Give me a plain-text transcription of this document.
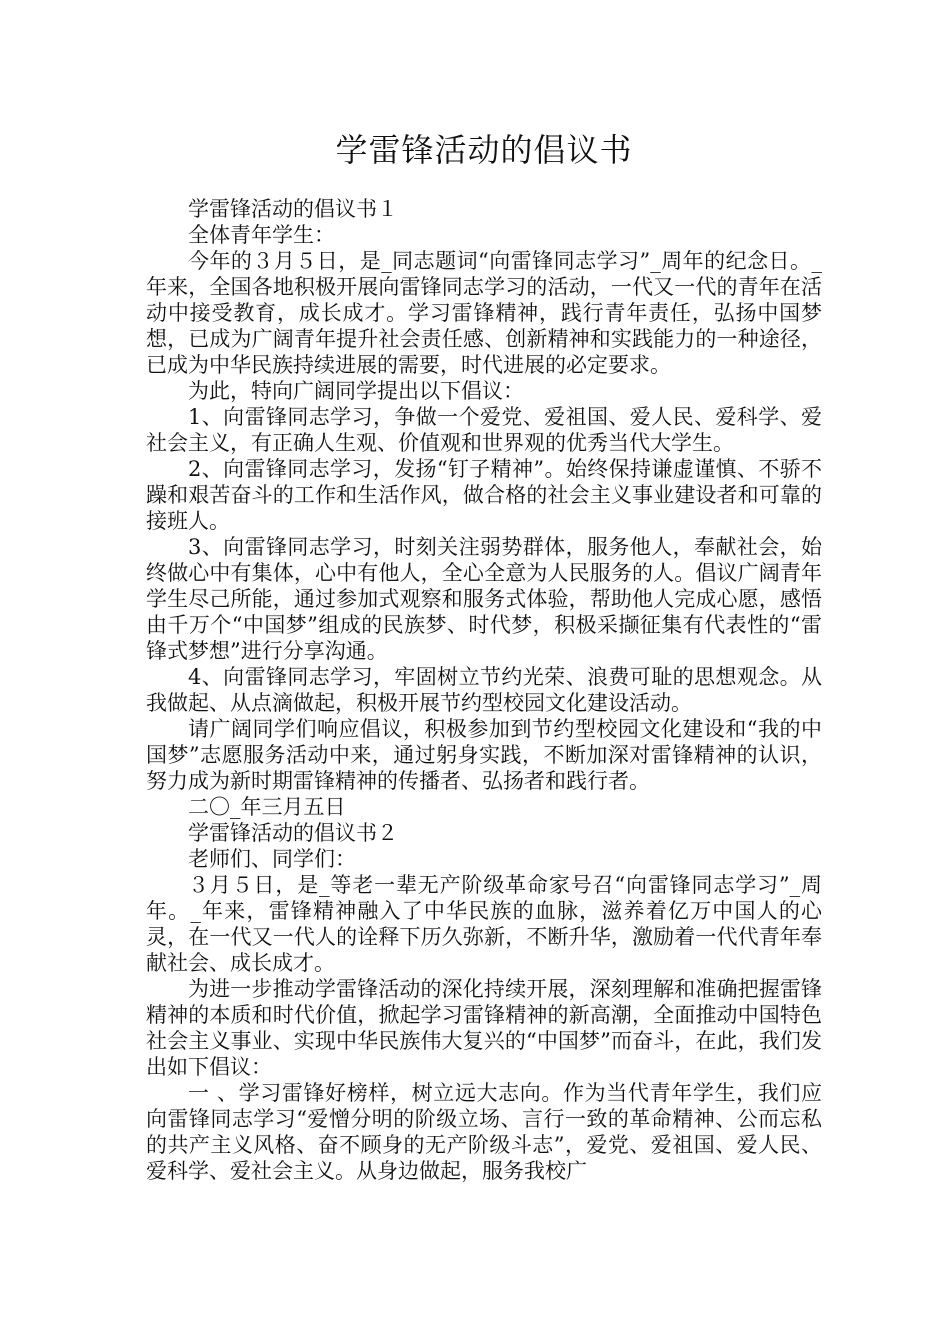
学雷锋活动的倡议书

学雷锋活动的倡议书１

全体青年学生：

今年的３月５日，是_同志题词“向雷锋同志学习”_周年的纪念日。_年来，全国各地积极开展向雷锋同志学习的活动，一代又一代的青年在活动中接受教育，成长成才。学习雷锋精神，践行青年责任，弘扬中国梦想，已成为广阔青年提升社会责任感、创新精神和实践能力的一种途径，已成为中华民族持续进展的需要，时代进展的必定要求。

为此，特向广阔同学提出以下倡议：

1、向雷锋同志学习，争做一个爱党、爱祖国、爱人民、爱科学、爱社会主义，有正确人生观、价值观和世界观的优秀当代大学生。

2、向雷锋同志学习，发扬“钉子精神”。始终保持谦虚谨慎、不骄不躁和艰苦奋斗的工作和生活作风，做合格的社会主义事业建设者和可靠的接班人。

3、向雷锋同志学习，时刻关注弱势群体，服务他人，奉献社会，始终做心中有集体，心中有他人，全心全意为人民服务的人。倡议广阔青年学生尽己所能，通过参加式观察和服务式体验，帮助他人完成心愿，感悟由千万个“中国梦”组成的民族梦、时代梦，积极采撷征集有代表性的“雷锋式梦想”进行分享沟通。

4、向雷锋同志学习，牢固树立节约光荣、浪费可耻的思想观念。从我做起、从点滴做起，积极开展节约型校园文化建设活动。

请广阔同学们响应倡议，积极参加到节约型校园文化建设和“我的中国梦”志愿服务活动中来，通过躬身实践，不断加深对雷锋精神的认识，努力成为新时期雷锋精神的传播者、弘扬者和践行者。

二〇_年三月五日

学雷锋活动的倡议书２

老师们、同学们：

３月５日，是_等老一辈无产阶级革命家号召“向雷锋同志学习”_周年。_年来，雷锋精神融入了中华民族的血脉，滋养着亿万中国人的心灵，在一代又一代人的诠释下历久弥新，不断升华，激励着一代代青年奉献社会、成长成才。

为进一步推动学雷锋活动的深化持续开展，深刻理解和准确把握雷锋精神的本质和时代价值，掀起学习雷锋精神的新高潮，全面推动中国特色社会主义事业、实现中华民族伟大复兴的“中国梦”而奋斗，在此，我们发出如下倡议：

一 、学习雷锋好榜样，树立远大志向。作为当代青年学生，我们应向雷锋同志学习“爱憎分明的阶级立场、言行一致的革命精神、公而忘私的共产主义风格、奋不顾身的无产阶级斗志”，爱党、爱祖国、爱人民、爱科学、爱社会主义。从身边做起，服务我校广
